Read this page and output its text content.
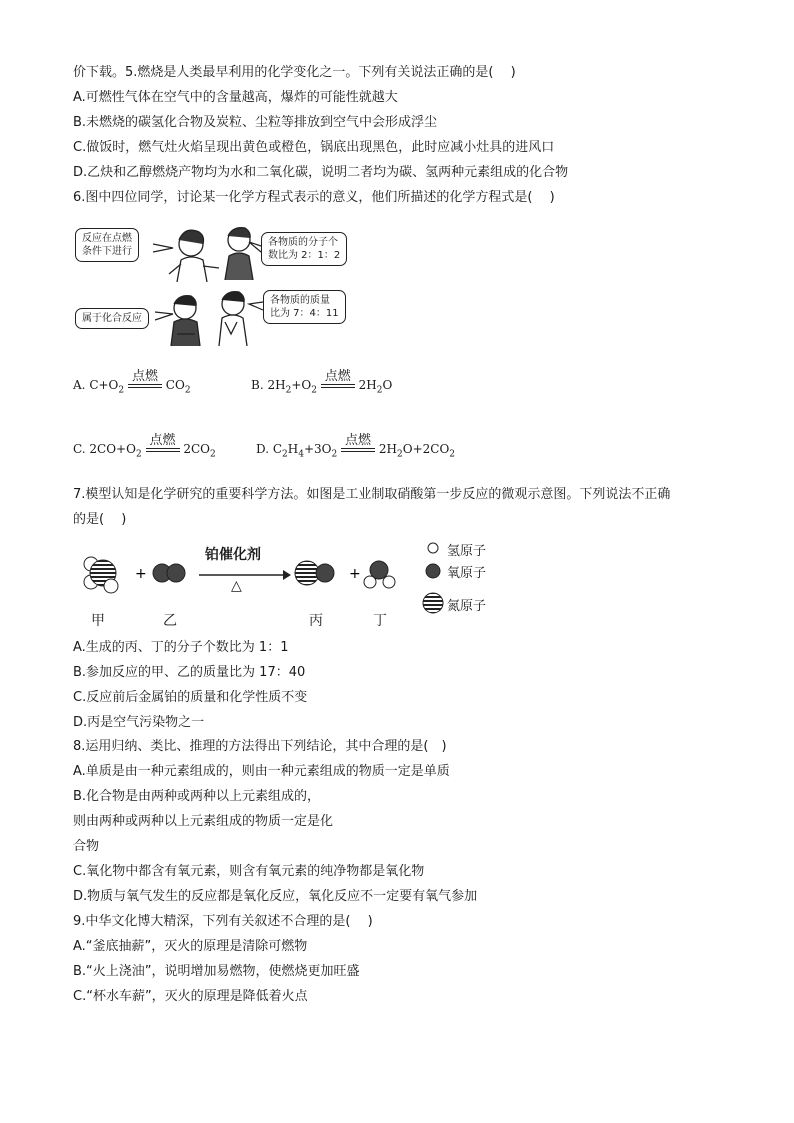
价下载。5.燃烧是人类最早利用的化学变化之一。下列有关说法正确的是(　 )
A.可燃性气体在空气中的含量越高，爆炸的可能性就越大
B.未燃烧的碳氢化合物及炭粒、尘粒等排放到空气中会形成浮尘
C.做饭时，燃气灶火焰呈现出黄色或橙色，锅底出现黑色，此时应减小灶具的进风口
D.乙炔和乙醇燃烧产物均为水和二氧化碳，说明二者均为碳、氢两种元素组成的化合物
6.图中四位同学，讨论某一化学方程式表示的意义，他们所描述的化学方程式是(　 )
反应在点燃
条件下进行
各物质的分子个
数比为 2：1：2
属于化合反应
各物质的质量
比为 7：4：11
A. $C+O_2$
点燃
$CO_2$	B. $2H_2+O_2$
点燃
$2H_2O$
C. $2CO+O_2$
点燃
$2CO_2$	D. $C_2H_4+3O_2$
点燃
$2H_2O+2CO_2$
7.模型认知是化学研究的重要科学方法。如图是工业制取硝酸第一步反应的微观示意图。下列说法不正确
的是(　 )
+	+
铂催化剂
△
甲	乙	丙	丁
氢原子
氧原子
氮原子
A.生成的丙、丁的分子个数比为 1：1
B.参加反应的甲、乙的质量比为 17：40
C.反应前后金属铂的质量和化学性质不变
D.丙是空气污染物之一
8.运用归纳、类比、推理的方法得出下列结论，其中合理的是(　)
A.单质是由一种元素组成的，则由一种元素组成的物质一定是单质
B.化合物是由两种或两种以上元素组成的，
则由两种或两种以上元素组成的物质一定是化
合物
C.氧化物中都含有氧元素，则含有氧元素的纯净物都是氧化物
D.物质与氧气发生的反应都是氧化反应，氧化反应不一定要有氧气参加
9.中华文化博大精深，下列有关叙述不合理的是(　 )
A.“釜底抽薪”，灭火的原理是清除可燃物
B.“火上浇油”，说明增加易燃物，使燃烧更加旺盛
C.“杯水车薪”，灭火的原理是降低着火点
